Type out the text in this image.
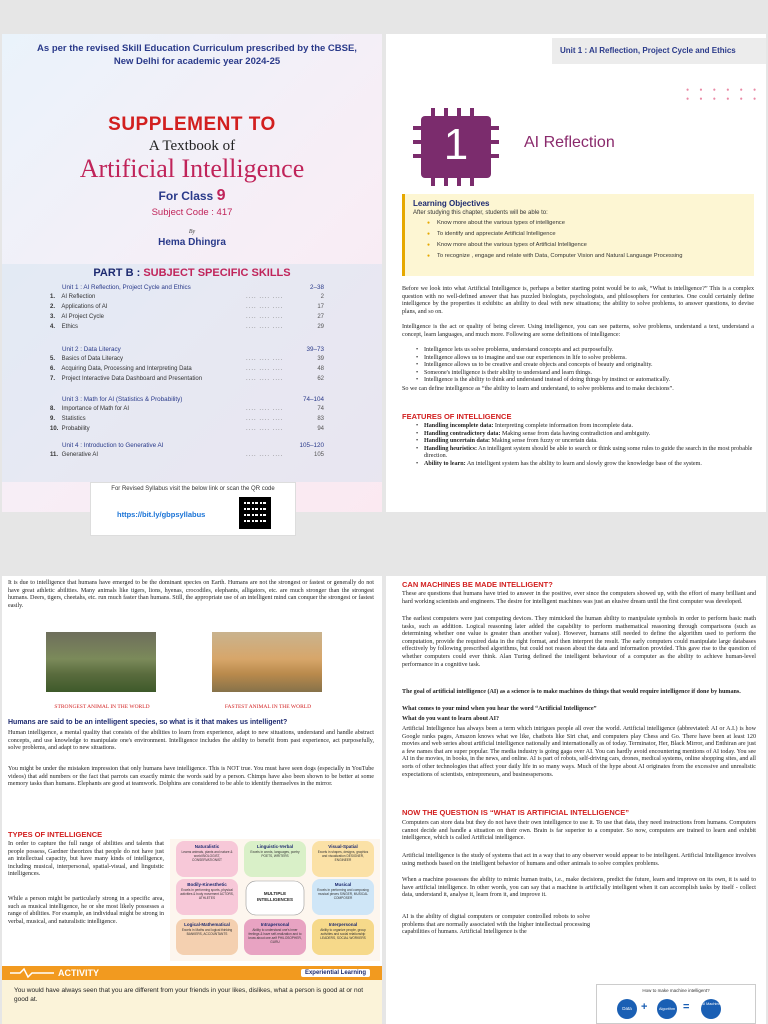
As per the revised Skill Education Curriculum prescribed by the CBSE, New Delhi for academic year 2024-25
SUPPLEMENT TO
A Textbook of
Artificial Intelligence
For Class 9
Subject Code : 417
By
Hema Dhingra
PART B : SUBJECT SPECIFIC SKILLS
Unit 1 : AI Reflection, Project Cycle and Ethics	2–38
1. AI Reflection	.... .... ....	2
2. Applications of AI	.... .... ....	17
3. AI Project Cycle	.... .... ....	27
4. Ethics	.... .... ....	29
Unit 2 : Data Literacy	39–73
5. Basics of Data Literacy	.... .... ....	39
6. Acquiring Data, Processing and Interpreting Data	.... .... ....	48
7. Project Interactive Data Dashboard and Presentation	.... .... ....	62
Unit 3 : Math for AI (Statistics & Probability)	74–104
8. Importance of Math for AI	.... .... ....	74
9. Statistics	.... .... ....	83
10. Probability	.... .... ....	94
Unit 4 : Introduction to Generative AI	105–120
11. Generative AI	.... .... ....	105
For Revised Syllabus visit the below link or scan the QR code
https://bit.ly/gbpsyllabus
Unit 1 : AI Reflection, Project Cycle and Ethics
• • • • • •
• • • • • •
1	AI Reflection
Learning Objectives
After studying this chapter, students will be able to:
● Know more about the various types of intelligence
● To identify and appreciate Artificial Intelligence
● Know more about the various types of Artificial Intelligence
● To recognize , engage and relate with Data, Computer Vision and Natural Language Processing
Before we look into what Artificial Intelligence is, perhaps a better starting point would be to ask, “What is intelligence?” This is a complex question with no well-defined answer that has puzzled biologists, psychologists, and philosophers for centuries. One could certainly define intelligence by the properties it exhibits: an ability to deal with new situations; the ability to solve problems, to answer questions, to devise plans, and so on.
Intelligence is the act or quality of being clever. Using intelligence, you can see patterns, solve problems, understand a text, understand a concept, learn languages, and much more. Following are some definitions of intelligence:
• Intelligence lets us solve problems, understand concepts and act purposefully.
• Intelligence allows us to imagine and use our experiences in life to solve problems.
• Intelligence allows us to be creative and create objects and concepts of beauty and originality.
• Someone's intelligence is their ability to understand and learn things.
• Intelligence is the ability to think and understand instead of doing things by instinct or automatically.
So we can define intelligence as “the ability to learn and understand, to solve problems and to make decisions”.
FEATURES OF INTELLIGENCE
• Handling incomplete data: Interpreting complete information from incomplete data.
• Handling contradictory data: Making sense from data having contradiction and ambiguity.
• Handling uncertain data: Making sense from fuzzy or uncertain data.
• Handling heuristics: An intelligent system should be able to search or think using some rules to guide the search in the most probable direction.
• Ability to learn: An intelligent system has the ability to learn and slowly grow the knowledge base of the system.
It is due to intelligence that humans have emerged to be the dominant species on Earth. Humans are not the strongest or fastest or generally do not have great athletic abilities. Many animals like tigers, lions, hyenas, crocodiles, elephants, alligators, etc. are much stronger than the strongest humans. Deers, tigers, cheetahs, etc. run much faster than humans. Still, the appropriate use of an intelligent mind can conquer the strongest or fastest easily.
STRONGEST ANIMAL IN THE WORLD	FASTEST ANIMAL IN THE WORLD
Humans are said to be an intelligent species, so what is it that makes us intelligent?
Human intelligence, a mental quality that consists of the abilities to learn from experience, adapt to new situations, understand and handle abstract concepts, and use knowledge to manipulate one's environment. Intelligence includes the ability to benefit from past experience, act purposefully, solve problems, and adapt to new situations.
You might be under the mistaken impression that only humans have intelligence. This is NOT true. You must have seen dogs (especially in YouTube videos) that add numbers or the fact that parrots can exactly mimic the words said by a person. Chimps have also been shown to be better at some memory tasks than humans. Elephants are good at teamwork. Dolphins are considered to be able to identify themselves in the mirror.
TYPES OF INTELLIGENCE
In order to capture the full range of abilities and talents that people possess, Gardner theorizes that people do not have just an intellectual capacity, but have many kinds of intelligence, including musical, interpersonal, spatial-visual, and linguistic intelligences.
While a person might be particularly strong in a specific area, such as musical intelligence, he or she most likely possesses a range of abilities. For example, an individual might be strong in verbal, musical, and naturalistic intelligence.
Naturalistic
Learns animals, plants and nature & world BIOLOGIST, CONSERVATIONIST
Linguistic-Verbal
Excels in words, languages, poetry POETS, WRITERS
Visual-Spatial
Excels in shapes, designs, graphics and visualization DESIGNER, ENGINEER
Bodily-Kinesthetic
Excels in performing sports, physical activities & body movement ACTORS, ATHLETES
Musical
Excels in performing and composing musical pieces SINGER, MUSICAL COMPOSER
Logical-Mathematical
Excels in Maths and logical thinking BANKERS, ACCOUNTANTS
Intrapersonal
Ability to understand one's inner feelings & have self-realization and to know about one-self PHILOSOPHER, GURU
Interpersonal
Ability to organize people, group activities and social relationship LEADERS, SOCIAL WORKERS
MULTIPLE INTELLIGENCES
ACTIVITY	Experiential Learning
You would have always seen that you are different from your friends in your likes, dislikes, what a person is good at or not good at.
CAN MACHINES BE MADE INTELLIGENT?
These are questions that humans have tried to answer in the positive, ever since the computers showed up, with the effort of many brilliant and hard working scientists and engineers. The desire for intelligent machines was just an elusive dream until the first computer was developed.
The earliest computers were just computing devices. They mimicked the human ability to manipulate symbols in order to perform basic math tasks, such as addition. Logical reasoning later added the capability to perform mathematical reasoning through comparisons (such as determining whether one value is greater than another value). However, humans still needed to define the algorithm used to perform the computation, provide the required data in the right format, and then interpret the result. The early computers could manipulate large databases effectively by following prescribed algorithms, but could not reason about the data and information provided. This gave rise to the question of whether computers could ever think. Alan Turing defined the intelligent behaviour of a computer as the ability to achieve human-level performance in a cognitive task.
The goal of artificial intelligence (AI) as a science is to make machines do things that would require intelligence if done by humans.
What comes to your mind when you hear the word “Artificial Intelligence”
What do you want to learn about AI?
Artificial Intelligence has always been a term which intrigues people all over the world. Artificial intelligence (abbreviated: AI or A.I.) is how Google ranks pages, Amazon knows what we like, chatbots like Siri chat, and computers play Chess and Go. There have been at least 120 movies and web series about artificial intelligence nationally and internationally as of today. Terminator, Her, Black Mirror, and Enthiran are just a few names that are super popular. The media industry is going gaga over AI. You can hardly avoid encountering mentions of AI today. You see AI in the movies, in books, in the news, and online. AI is part of robots, self-driving cars, drones, medical systems, online shopping sites, and all sorts of other technologies that affect your daily life in so many ways. Much of the hype about AI originates from the excessive and unrealistic expectations of scientists, entrepreneurs, and businesspersons.
NOW THE QUESTION IS “WHAT IS ARTIFICIAL INTELLIGENCE”
Computers can store data but they do not have their own intelligence to use it. To use that data, they need instructions from humans. Computers cannot decide and handle a situation on their own. Brain is far superior to a computer. So now, computers are trained to learn and exhibit intelligence, which is called Artificial intelligence.
Artificial intelligence is the study of systems that act in a way that to any observer would appear to be intelligent. Artificial Intelligence involves using methods based on the intelligent behavior of humans and other animals to solve complex problems.
When a machine possesses the ability to mimic human traits, i.e., make decisions, predict the future, learn and improve on its own, it is said to have artificial intelligence. In other words, you can say that a machine is artificially intelligent when it can accomplish tasks by itself - collect data, understand it, analyse it, learn from it, and improve it.
AI is the ability of digital computers or computer controlled robots to solve problems that are normally associated with the higher intellectual processing capabilities of humans. Artificial Intelligence is the
How to make machine intelligent?
Data +	Algorithm =	AI Machine
